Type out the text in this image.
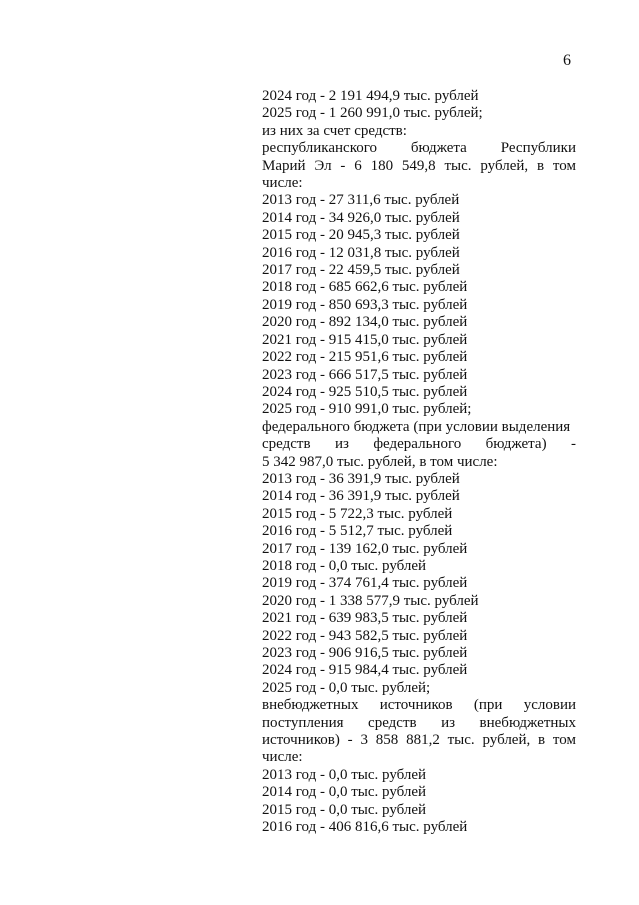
6
2024 год - 2 191 494,9 тыс. рублей
2025 год - 1 260 991,0 тыс. рублей;
из них за счет средств:
республиканского бюджета Республики
Марий Эл - 6 180 549,8 тыс. рублей, в том
числе:
2013 год - 27 311,6 тыс. рублей
2014 год - 34 926,0 тыс. рублей
2015 год - 20 945,3 тыс. рублей
2016 год - 12 031,8 тыс. рублей
2017 год - 22 459,5 тыс. рублей
2018 год - 685 662,6 тыс. рублей
2019 год - 850 693,3 тыс. рублей
2020 год - 892 134,0 тыс. рублей
2021 год - 915 415,0 тыс. рублей
2022 год - 215 951,6 тыс. рублей
2023 год - 666 517,5 тыс. рублей
2024 год - 925 510,5 тыс. рублей
2025 год - 910 991,0 тыс. рублей;
федерального бюджета (при условии выделения
средств из федерального бюджета) -
5 342 987,0 тыс. рублей, в том числе:
2013 год - 36 391,9 тыс. рублей
2014 год - 36 391,9 тыс. рублей
2015 год - 5 722,3 тыс. рублей
2016 год - 5 512,7 тыс. рублей
2017 год - 139 162,0 тыс. рублей
2018 год - 0,0 тыс. рублей
2019 год - 374 761,4 тыс. рублей
2020 год - 1 338 577,9 тыс. рублей
2021 год - 639 983,5 тыс. рублей
2022 год - 943 582,5 тыс. рублей
2023 год - 906 916,5 тыс. рублей
2024 год - 915 984,4 тыс. рублей
2025 год - 0,0 тыс. рублей;
внебюджетных источников (при условии
поступления средств из внебюджетных
источников) - 3 858 881,2 тыс. рублей, в том
числе:
2013 год - 0,0 тыс. рублей
2014 год - 0,0 тыс. рублей
2015 год - 0,0 тыс. рублей
2016 год - 406 816,6 тыс. рублей
